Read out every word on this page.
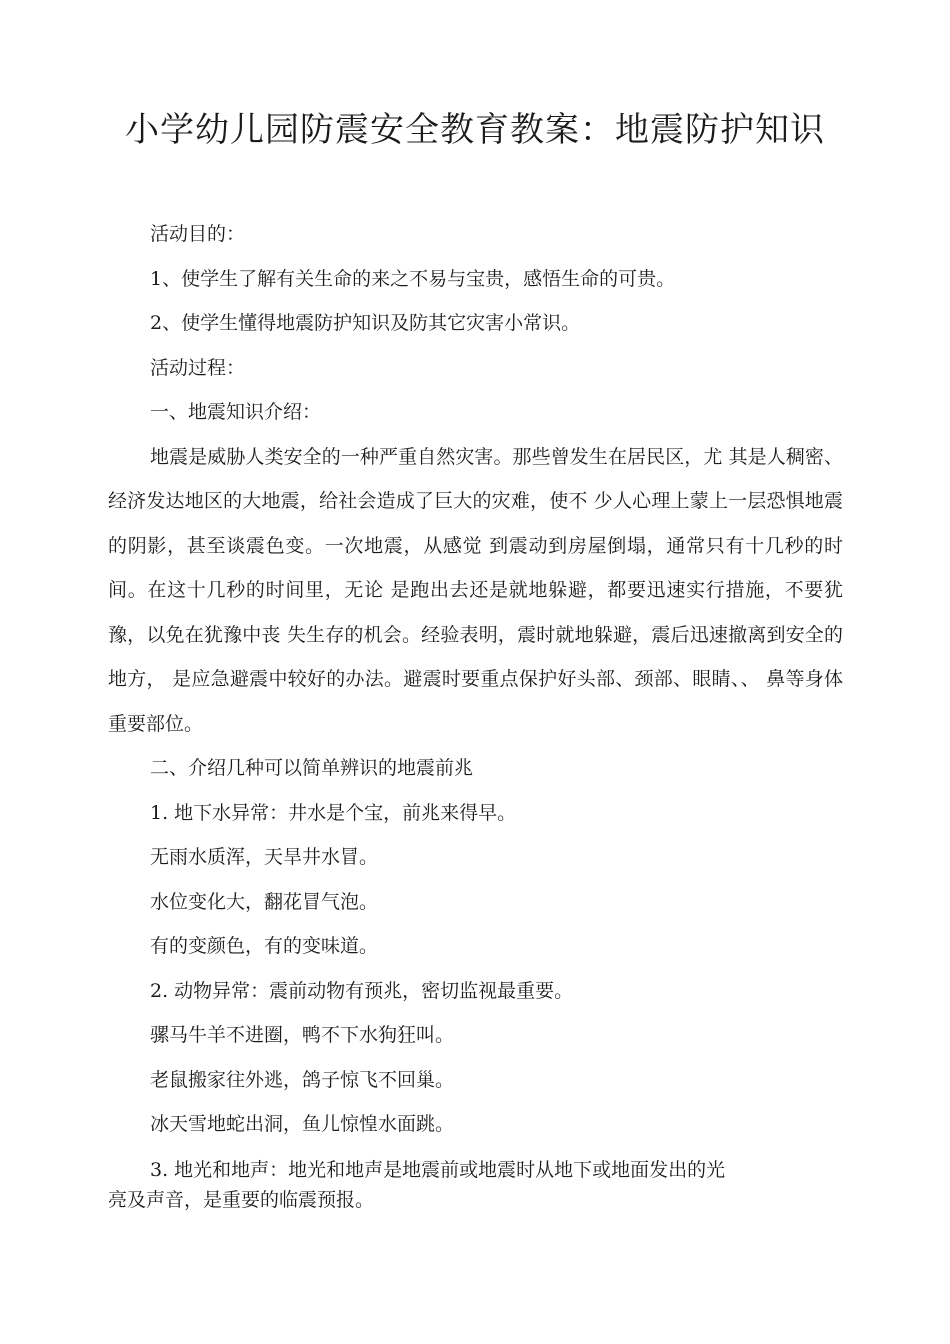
小学幼儿园防震安全教育教案：地震防护知识

活动目的：

1、使学生了解有关生命的来之不易与宝贵，感悟生命的可贵。

2、使学生懂得地震防护知识及防其它灾害小常识。

活动过程：

一、地震知识介绍：

地震是威胁人类安全的一种严重自然灾害。那些曾发生在居民区，尤 其是人稠密、经济发达地区的大地震，给社会造成了巨大的灾难，使不 少人心理上蒙上一层恐惧地震的阴影，甚至谈震色变。一次地震，从感觉 到震动到房屋倒塌，通常只有十几秒的时间。在这十几秒的时间里，无论 是跑出去还是就地躲避，都要迅速实行措施，不要犹豫，以免在犹豫中丧 失生存的机会。经验表明，震时就地躲避，震后迅速撤离到安全的地方， 是应急避震中较好的办法。避震时要重点保护好头部、颈部、眼睛、、 鼻等身体重要部位。

二、介绍几种可以简单辨识的地震前兆

1. 地下水异常：井水是个宝，前兆来得早。

无雨水质浑，天旱井水冒。

水位变化大，翻花冒气泡。

有的变颜色，有的变味道。

2. 动物异常：震前动物有预兆，密切监视最重要。

骡马牛羊不进圈，鸭不下水狗狂叫。

老鼠搬家往外逃，鸽子惊飞不回巢。

冰天雪地蛇出洞，鱼儿惊惶水面跳。

3. 地光和地声：地光和地声是地震前或地震时从地下或地面发出的光

亮及声音，是重要的临震预报。
